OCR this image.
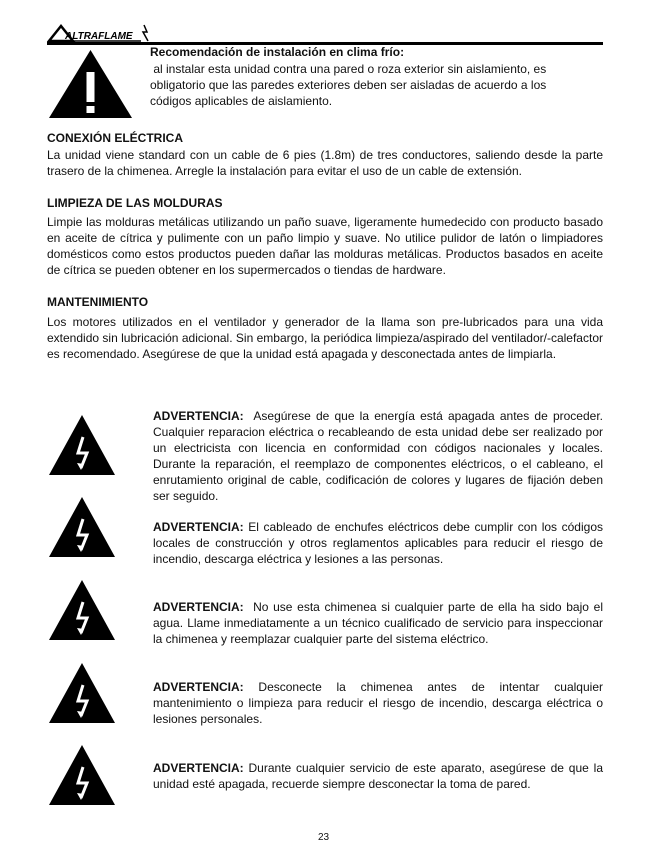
ALTRAFLAME
Recomendación de instalación en clima frío:
al instalar esta unidad contra una pared o roza exterior sin aislamiento, es
obligatorio que las paredes exteriores deben ser aisladas de acuerdo a los
códigos aplicables de aislamiento.
CONEXIÓN ELÉCTRICA
La unidad viene standard con un cable de 6 pies (1.8m) de tres conductores, saliendo desde la parte trasero de la chimenea. Arregle la instalación para evitar el uso de un cable de extensión.
LIMPIEZA DE LAS MOLDURAS
Limpie las molduras metálicas utilizando un paño suave, ligeramente humedecido con producto basado en aceite de cítrica y pulimente con un paño limpio y suave. No utilice pulidor de latón o limpiadores domésticos como estos productos pueden dañar las molduras metálicas. Productos basados en aceite de cítrica se pueden obtener en los supermercados o tiendas de hardware.
MANTENIMIENTO
Los motores utilizados en el ventilador y generador de la llama son pre-lubricados para una vida extendido sin lubricación adicional. Sin embargo, la periódica limpieza/aspirado del ventilador/-calefactor es recomendado. Asegúrese de que la unidad está apagada y desconectada antes de limpiarla.
ADVERTENCIA:  Asegúrese de que la energía está apagada antes de proceder. Cualquier reparacion eléctrica o recableando de esta unidad debe ser realizado por un electricista con licencia en conformidad con códigos nacionales y locales. Durante la reparación, el reemplazo de componentes eléctricos, o el cableano, el enrutamiento original de cable, codificación de colores y lugares de fijación deben ser seguido.
ADVERTENCIA: El cableado de enchufes eléctricos debe cumplir con los códigos locales de construcción y otros reglamentos aplicables para reducir el riesgo de incendio, descarga eléctrica y lesiones a las personas.
ADVERTENCIA:  No use esta chimenea si cualquier parte de ella ha sido bajo el agua. Llame inmediatamente a un técnico cualificado de servicio para inspeccionar la chimenea y reemplazar cualquier parte del sistema eléctrico.
ADVERTENCIA: Desconecte la chimenea antes de intentar cualquier mantenimiento o limpieza para reducir el riesgo de incendio, descarga eléctrica o lesiones personales.
ADVERTENCIA: Durante cualquier servicio de este aparato, asegúrese de que la unidad esté apagada, recuerde siempre desconectar la toma de pared.
23
